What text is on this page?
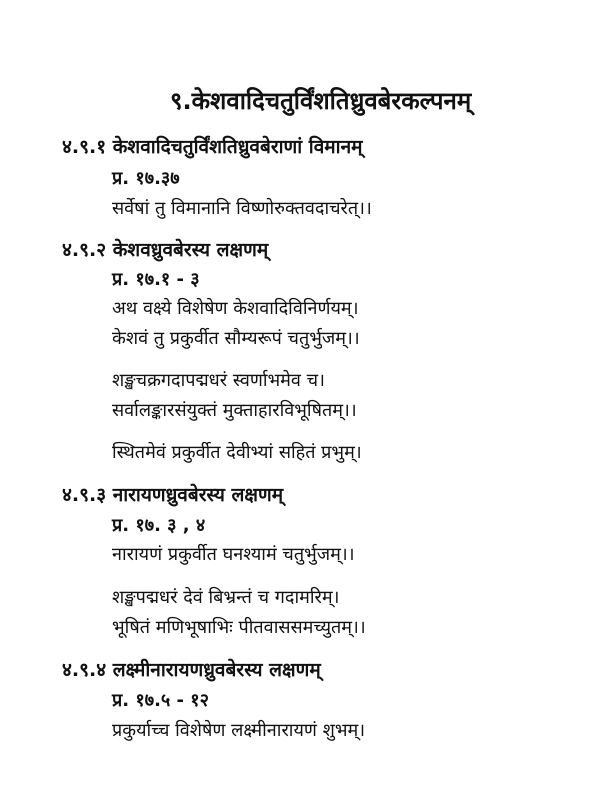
९.केशवादिचतुर्विंशतिध्रुवबेरकल्पनम्
४.९.१ केशवादिचतुर्विंशतिध्रुवबेराणां विमानम्
प्र. १७.३७
सर्वेषां तु विमानानि विष्णोरुक्तवदाचरेत्।।
४.९.२ केशवध्रुवबेरस्य लक्षणम्
प्र. १७.१ - ३
अथ वक्ष्ये विशेषेण केशवादिविनिर्णयम्।
केशवं तु प्रकुर्वीत सौम्यरूपं चतुर्भुजम्।।
शङ्खचक्रगदापद्मधरं स्वर्णाभमेव च।
सर्वालङ्कारसंयुक्तं मुक्ताहारविभूषितम्।।
स्थितमेवं प्रकुर्वीत देवीभ्यां सहितं प्रभुम्।
४.९.३ नारायणध्रुवबेरस्य लक्षणम्
प्र. १७. ३ , ४
नारायणं प्रकुर्वीत घनश्यामं चतुर्भुजम्।।
शङ्खपद्मधरं देवं बिभ्रन्तं च गदामरिम्।
भूषितं मणिभूषाभिः पीतवाससमच्युतम्।।
४.९.४ लक्ष्मीनारायणध्रुवबेरस्य लक्षणम्
प्र. १७.५ - १२
प्रकुर्याच्च विशेषेण लक्ष्मीनारायणं शुभम्।
